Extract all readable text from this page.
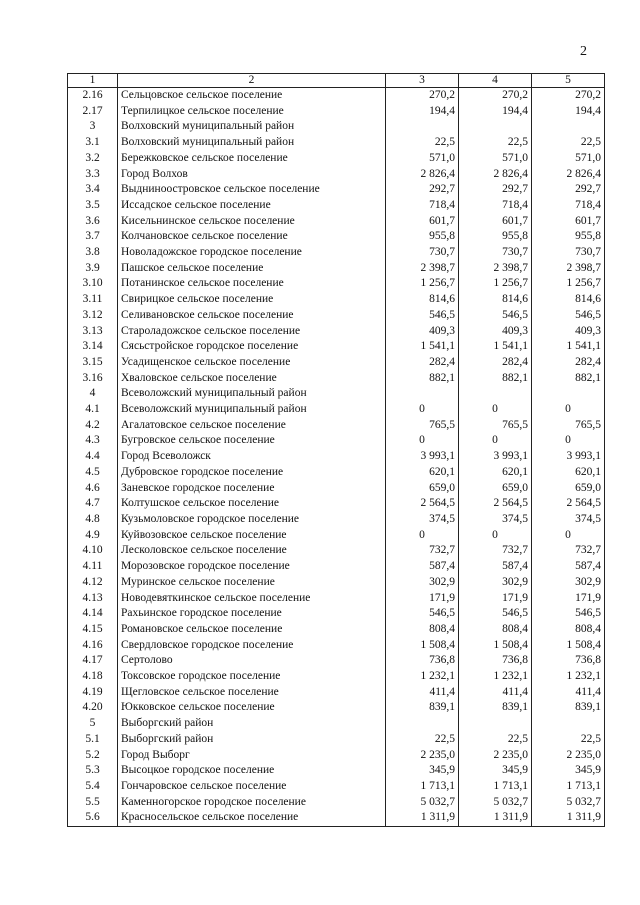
2
1	2	3	4	5
2.16	Сельцовское сельское поселение	270,2	270,2	270,2
2.17	Терпилицкое сельское поселение	194,4	194,4	194,4
3	Волховский муниципальный район			
3.1	Волховский муниципальный район	22,5	22,5	22,5
3.2	Бережковское сельское поселение	571,0	571,0	571,0
3.3	Город Волхов	2 826,4	2 826,4	2 826,4
3.4	Выдниноостровское сельское поселение	292,7	292,7	292,7
3.5	Иссадское сельское поселение	718,4	718,4	718,4
3.6	Кисельнинское сельское поселение	601,7	601,7	601,7
3.7	Колчановское сельское поселение	955,8	955,8	955,8
3.8	Новоладожское городское поселение	730,7	730,7	730,7
3.9	Пашское сельское поселение	2 398,7	2 398,7	2 398,7
3.10	Потанинское сельское поселение	1 256,7	1 256,7	1 256,7
3.11	Свирицкое сельское поселение	814,6	814,6	814,6
3.12	Селивановское сельское поселение	546,5	546,5	546,5
3.13	Староладожское сельское поселение	409,3	409,3	409,3
3.14	Сясьстройское городское поселение	1 541,1	1 541,1	1 541,1
3.15	Усадищенское сельское поселение	282,4	282,4	282,4
3.16	Хваловское сельское поселение	882,1	882,1	882,1
4	Всеволожский муниципальный район			
4.1	Всеволожский муниципальный район	0	0	0
4.2	Агалатовское сельское поселение	765,5	765,5	765,5
4.3	Бугровское сельское поселение	0	0	0
4.4	Город Всеволожск	3 993,1	3 993,1	3 993,1
4.5	Дубровское городское поселение	620,1	620,1	620,1
4.6	Заневское городское поселение	659,0	659,0	659,0
4.7	Колтушское сельское поселение	2 564,5	2 564,5	2 564,5
4.8	Кузьмоловское городское поселение	374,5	374,5	374,5
4.9	Куйвозовское сельское поселение	0	0	0
4.10	Лесколовское сельское поселение	732,7	732,7	732,7
4.11	Морозовское городское поселение	587,4	587,4	587,4
4.12	Муринское сельское поселение	302,9	302,9	302,9
4.13	Новодевяткинское сельское поселение	171,9	171,9	171,9
4.14	Рахьинское городское поселение	546,5	546,5	546,5
4.15	Романовское сельское поселение	808,4	808,4	808,4
4.16	Свердловское городское поселение	1 508,4	1 508,4	1 508,4
4.17	Сертолово	736,8	736,8	736,8
4.18	Токсовское городское поселение	1 232,1	1 232,1	1 232,1
4.19	Щегловское сельское поселение	411,4	411,4	411,4
4.20	Юкковское сельское поселение	839,1	839,1	839,1
5	Выборгский район			
5.1	Выборгский район	22,5	22,5	22,5
5.2	Город Выборг	2 235,0	2 235,0	2 235,0
5.3	Высоцкое городское поселение	345,9	345,9	345,9
5.4	Гончаровское сельское поселение	1 713,1	1 713,1	1 713,1
5.5	Каменногорское городское поселение	5 032,7	5 032,7	5 032,7
5.6	Красносельское сельское поселение	1 311,9	1 311,9	1 311,9
